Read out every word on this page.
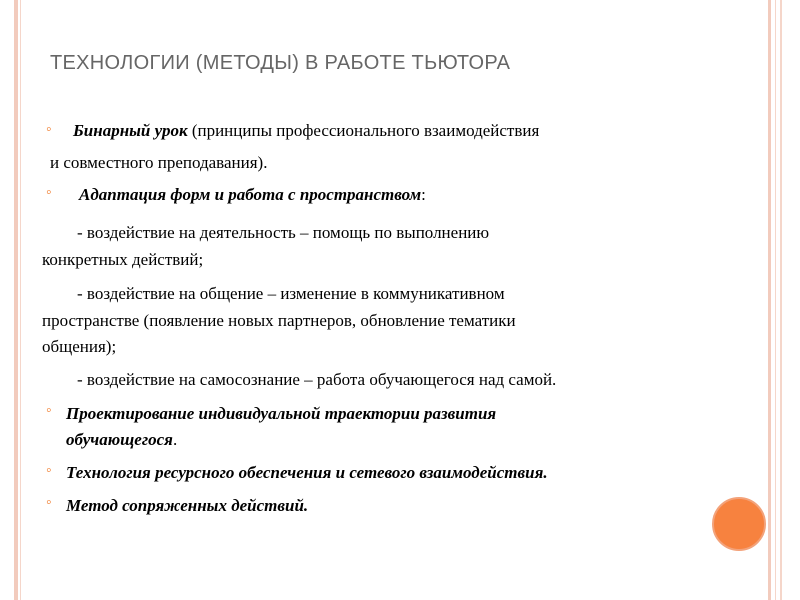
ТЕХНОЛОГИИ (МЕТОДЫ) В РАБОТЕ ТЬЮТОРА
◦ Бинарный урок (принципы профессионального взаимодействия
и совместного преподавания).
◦ Адаптация форм и работа с пространством:
- воздействие на деятельность – помощь по выполнению
конкретных действий;
- воздействие на общение – изменение в коммуникативном
пространстве (появление новых партнеров, обновление тематики
общения);
- воздействие на самосознание – работа обучающегося над самой.
◦ Проектирование индивидуальной траектории развития
обучающегося.
◦ Технология ресурсного обеспечения и сетевого взаимодействия.
◦ Метод сопряженных действий.
